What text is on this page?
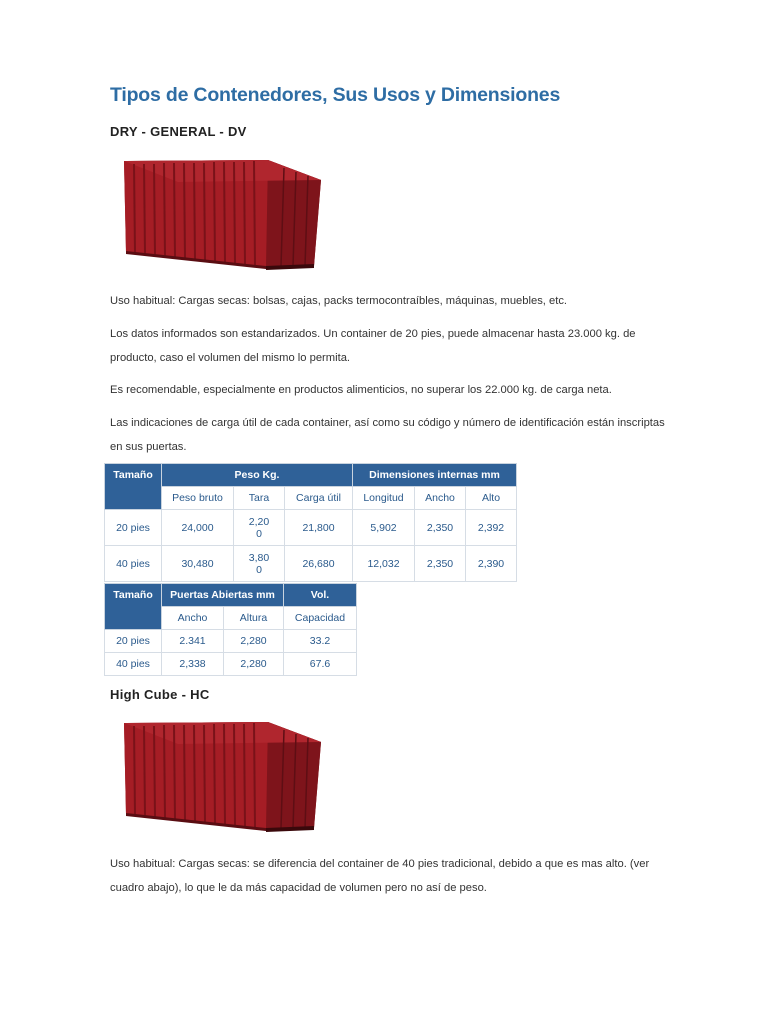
Tipos de Contenedores, Sus Usos y Dimensiones
DRY - GENERAL - DV

Uso habitual: Cargas secas: bolsas, cajas, packs termocontraíbles, máquinas, muebles, etc.

Los datos informados son estandarizados. Un container de 20 pies, puede almacenar hasta 23.000 kg. de producto, caso el volumen del mismo lo permita.

Es recomendable, especialmente en productos alimenticios, no superar los 22.000 kg. de carga neta.

Las indicaciones de carga útil de cada container, así como su código y número de identificación están inscriptas en sus puertas.

Tamaño	Peso Kg.			Dimensiones internas mm		
	Peso bruto	Tara	Carga útil	Longitud	Ancho	Alto
20 pies	24,000	2,200	21,800	5,902	2,350	2,392
40 pies	30,480	3,800	26,680	12,032	2,350	2,390
Tamaño	Puertas Abiertas mm		Vol.
	Ancho	Altura	Capacidad
20 pies	2.341	2,280	33.2
40 pies	2,338	2,280	67.6
High Cube - HC

Uso habitual: Cargas secas: se diferencia del container de 40 pies tradicional, debido a que es mas alto. (ver cuadro abajo), lo que le da más capacidad de volumen pero no así de peso.
